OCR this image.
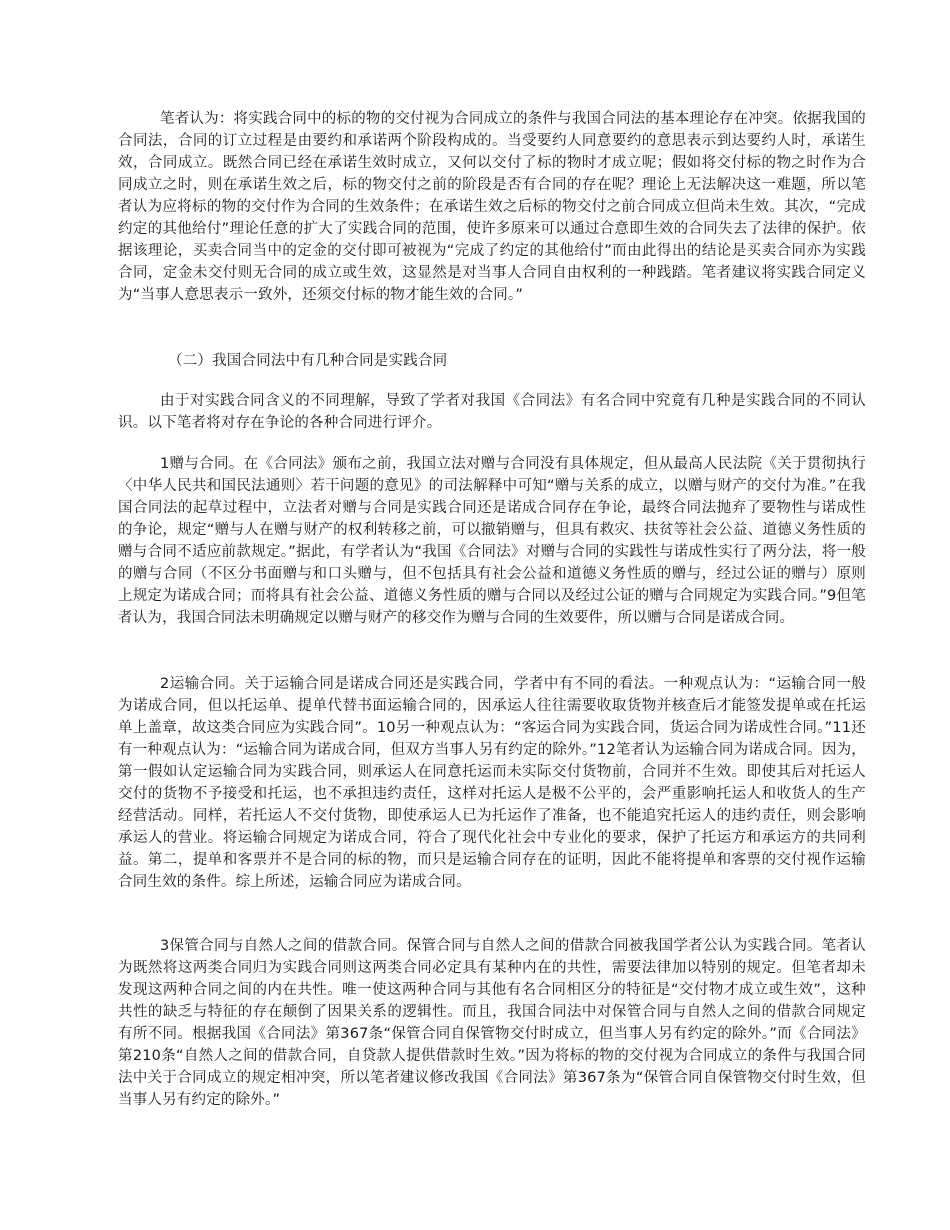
笔者认为：将实践合同中的标的物的交付视为合同成立的条件与我国合同法的基本理论存在冲突。依据我国的合同法，合同的订立过程是由要约和承诺两个阶段构成的。当受要约人同意要约的意思表示到达要约人时，承诺生效，合同成立。既然合同已经在承诺生效时成立，又何以交付了标的物时才成立呢；假如将交付标的物之时作为合同成立之时，则在承诺生效之后，标的物交付之前的阶段是否有合同的存在呢？理论上无法解决这一难题，所以笔者认为应将标的物的交付作为合同的生效条件；在承诺生效之后标的物交付之前合同成立但尚未生效。其次，“完成约定的其他给付”理论任意的扩大了实践合同的范围，使许多原来可以通过合意即生效的合同失去了法律的保护。依据该理论，买卖合同当中的定金的交付即可被视为“完成了约定的其他给付”而由此得出的结论是买卖合同亦为实践合同，定金未交付则无合同的成立或生效，这显然是对当事人合同自由权利的一种践踏。笔者建议将实践合同定义为“当事人意思表示一致外，还须交付标的物才能生效的合同。”

（二）我国合同法中有几种合同是实践合同

由于对实践合同含义的不同理解，导致了学者对我国《合同法》有名合同中究竟有几种是实践合同的不同认识。以下笔者将对存在争论的各种合同进行评介。

1赠与合同。在《合同法》颁布之前，我国立法对赠与合同没有具体规定，但从最高人民法院《关于贯彻执行〈中华人民共和国民法通则〉若干问题的意见》的司法解释中可知“赠与关系的成立，以赠与财产的交付为准。”在我国合同法的起草过程中，立法者对赠与合同是实践合同还是诺成合同存在争论，最终合同法抛弃了要物性与诺成性的争论，规定“赠与人在赠与财产的权利转移之前，可以撤销赠与，但具有救灾、扶贫等社会公益、道德义务性质的赠与合同不适应前款规定。”据此，有学者认为“我国《合同法》对赠与合同的实践性与诺成性实行了两分法，将一般的赠与合同（不区分书面赠与和口头赠与，但不包括具有社会公益和道德义务性质的赠与，经过公证的赠与）原则上规定为诺成合同；而将具有社会公益、道德义务性质的赠与合同以及经过公证的赠与合同规定为实践合同。”9但笔者认为，我国合同法未明确规定以赠与财产的移交作为赠与合同的生效要件，所以赠与合同是诺成合同。

2运输合同。关于运输合同是诺成合同还是实践合同，学者中有不同的看法。一种观点认为：“运输合同一般为诺成合同，但以托运单、提单代替书面运输合同的，因承运人往往需要收取货物并核查后才能签发提单或在托运单上盖章，故这类合同应为实践合同”。10另一种观点认为：“客运合同为实践合同，货运合同为诺成性合同。”11还有一种观点认为：“运输合同为诺成合同，但双方当事人另有约定的除外。”12笔者认为运输合同为诺成合同。因为，第一假如认定运输合同为实践合同，则承运人在同意托运而未实际交付货物前，合同并不生效。即使其后对托运人交付的货物不予接受和托运，也不承担违约责任，这样对托运人是极不公平的，会严重影响托运人和收货人的生产经营活动。同样，若托运人不交付货物，即使承运人已为托运作了准备，也不能追究托运人的违约责任，则会影响承运人的营业。将运输合同规定为诺成合同，符合了现代化社会中专业化的要求，保护了托运方和承运方的共同利益。第二，提单和客票并不是合同的标的物，而只是运输合同存在的证明，因此不能将提单和客票的交付视作运输合同生效的条件。综上所述，运输合同应为诺成合同。

3保管合同与自然人之间的借款合同。保管合同与自然人之间的借款合同被我国学者公认为实践合同。笔者认为既然将这两类合同归为实践合同则这两类合同必定具有某种内在的共性，需要法律加以特别的规定。但笔者却未发现这两种合同之间的内在共性。唯一使这两种合同与其他有名合同相区分的特征是“交付物才成立或生效”，这种共性的缺乏与特征的存在颠倒了因果关系的逻辑性。而且，我国合同法中对保管合同与自然人之间的借款合同规定有所不同。根据我国《合同法》第367条“保管合同自保管物交付时成立，但当事人另有约定的除外。”而《合同法》第210条“自然人之间的借款合同，自贷款人提供借款时生效。”因为将标的物的交付视为合同成立的条件与我国合同法中关于合同成立的规定相冲突，所以笔者建议修改我国《合同法》第367条为“保管合同自保管物交付时生效，但当事人另有约定的除外。”
